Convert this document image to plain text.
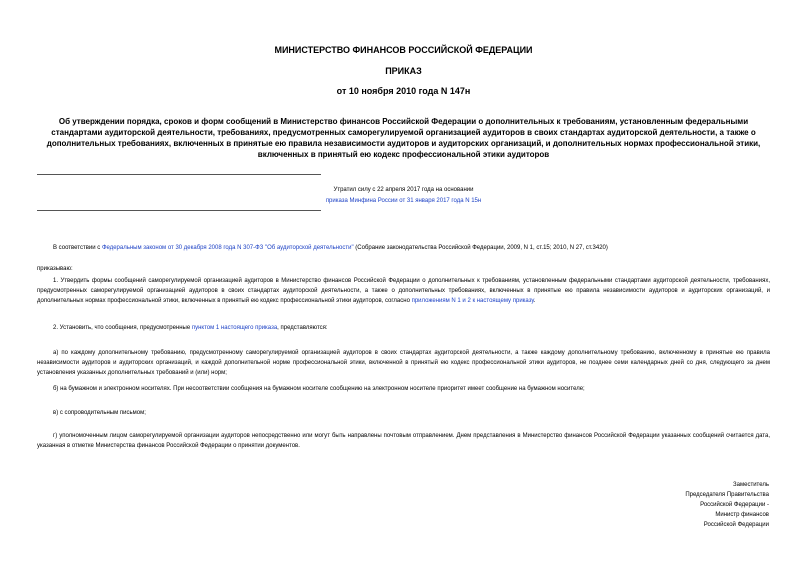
МИНИСТЕРСТВО ФИНАНСОВ РОССИЙСКОЙ ФЕДЕРАЦИИ
ПРИКАЗ
от 10 ноября 2010 года N 147н
Об утверждении порядка, сроков и форм сообщений в Министерство финансов Российской Федерации о дополнительных к требованиям, установленным федеральными стандартами аудиторской деятельности, требованиях, предусмотренных саморегулируемой организацией аудиторов в своих стандартах аудиторской деятельности, а также о дополнительных требованиях, включенных в принятые ею правила независимости аудиторов и аудиторских организаций, и дополнительных нормах профессиональной этики, включенных в принятый ею кодекс профессиональной этики аудиторов
Утратил силу с 22 апреля 2017 года на основании
приказа Минфина России от 31 января 2017 года N 15н
В соответствии с Федеральным законом от 30 декабря 2008 года N 307-ФЗ "Об аудиторской деятельности" (Собрание законодательства Российской Федерации, 2009, N 1, ст.15; 2010, N 27, ст.3420)
приказываю:
1. Утвердить формы сообщений саморегулируемой организацией аудиторов в Министерство финансов Российской Федерации о дополнительных к требованиям, установленным федеральными стандартами аудиторской деятельности, требованиях, предусмотренных саморегулируемой организацией аудиторов в своих стандартах аудиторской деятельности, а также о дополнительных требованиях, включенных в принятые ею правила независимости аудиторов и аудиторских организаций, и дополнительных нормах профессиональной этики, включенных в принятый ею кодекс профессиональной этики аудиторов, согласно приложениям N 1 и 2 к настоящему приказу.
2. Установить, что сообщения, предусмотренные пунктом 1 настоящего приказа, представляются:
а) по каждому дополнительному требованию, предусмотренному саморегулируемой организацией аудиторов в своих стандартах аудиторской деятельности, а также каждому дополнительному требованию, включенному в принятые ею правила независимости аудиторов и аудиторских организаций, и каждой дополнительной норме профессиональной этики, включенной в принятый ею кодекс профессиональной этики аудиторов, не позднее семи календарных дней со дня, следующего за днем установления указанных дополнительных требований и (или) норм;
б) на бумажном и электронном носителях. При несоответствии сообщения на бумажном носителе сообщению на электронном носителе приоритет имеет сообщение на бумажном носителе;
в) с сопроводительным письмом;
г) уполномоченным лицом саморегулируемой организации аудиторов непосредственно или могут быть направлены почтовым отправлением. Днем представления в Министерство финансов Российской Федерации указанных сообщений считается дата, указанная в отметке Министерства финансов Российской Федерации о принятии документов.
Заместитель
Председателя Правительства
Российской Федерации -
Министр финансов
Российской Федерации
